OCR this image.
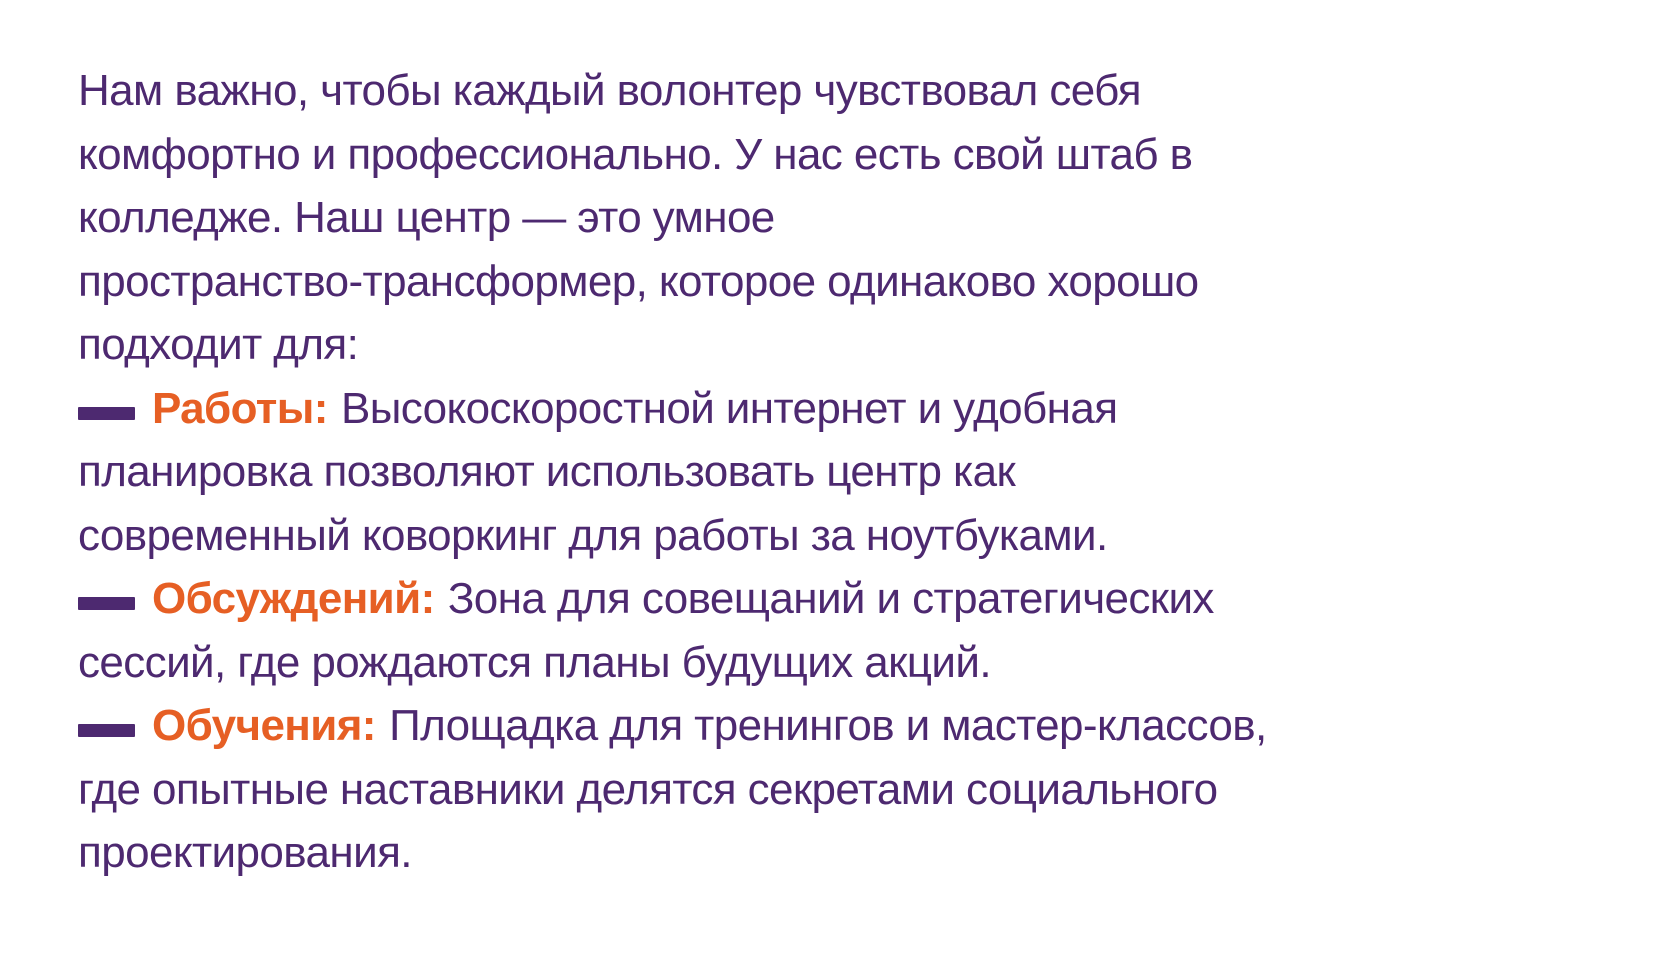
Нам важно, чтобы каждый волонтер чувствовал себя
комфортно и профессионально. У нас есть свой штаб в
колледже. Наш центр — это умное
пространство-трансформер, которое одинаково хорошо
подходит для:
Работы: Высокоскоростной интернет и удобная
планировка позволяют использовать центр как
современный коворкинг для работы за ноутбуками.
Обсуждений: Зона для совещаний и стратегических
сессий, где рождаются планы будущих акций.
Обучения: Площадка для тренингов и мастер-классов,
где опытные наставники делятся секретами социального
проектирования.
